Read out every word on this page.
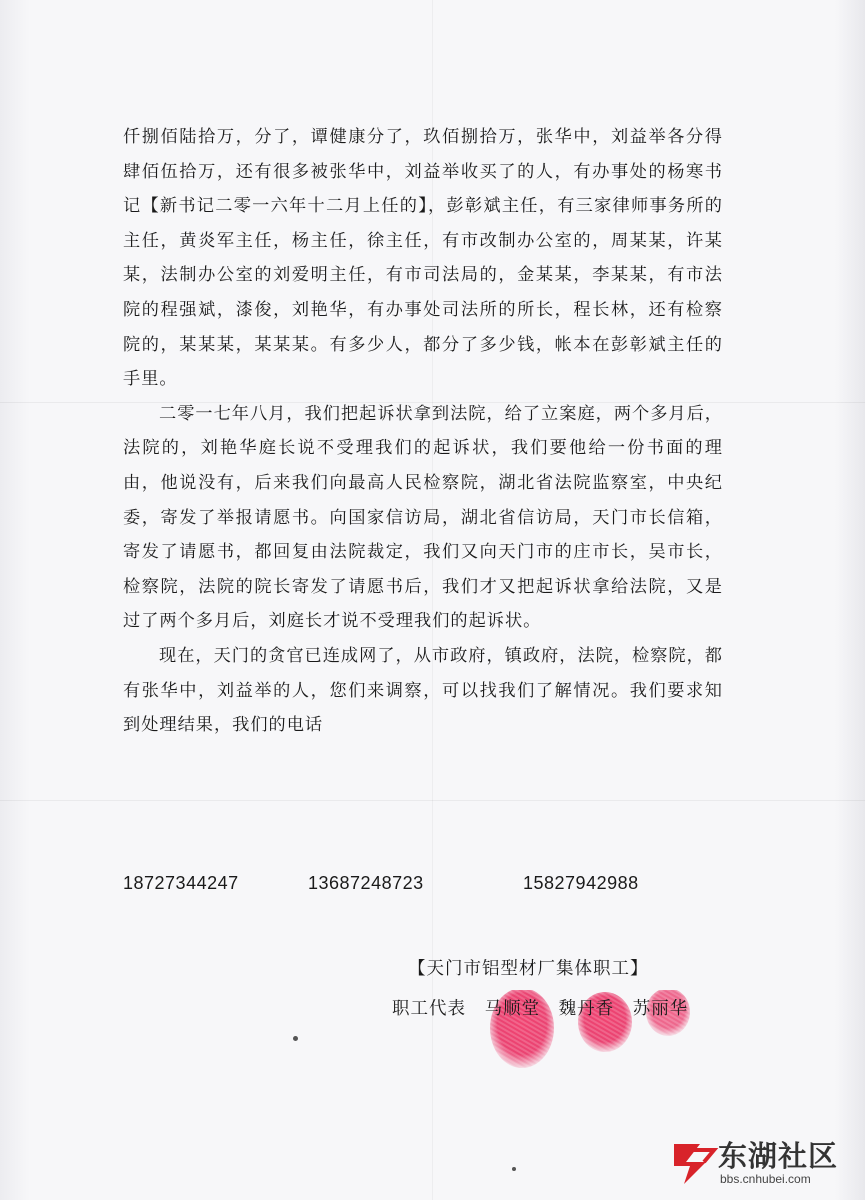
仟捌佰陆拾万，分了，谭健康分了，玖佰捌拾万，张华中，刘益举各分得肆佰伍拾万，还有很多被张华中，刘益举收买了的人，有办事处的杨寒书记【新书记二零一六年十二月上任的】，彭彰斌主任，有三家律师事务所的主任，黄炎军主任，杨主任，徐主任，有市改制办公室的，周某某，许某某，法制办公室的刘爱明主任，有市司法局的，金某某，李某某，有市法院的程强斌，漆俊，刘艳华，有办事处司法所的所长，程长林，还有检察院的，某某某，某某某。有多少人，都分了多少钱，帐本在彭彰斌主任的手里。

二零一七年八月，我们把起诉状拿到法院，给了立案庭，两个多月后，法院的，刘艳华庭长说不受理我们的起诉状，我们要他给一份书面的理由，他说没有，后来我们向最高人民检察院，湖北省法院监察室，中央纪委，寄发了举报请愿书。向国家信访局，湖北省信访局，天门市长信箱，寄发了请愿书，都回复由法院裁定，我们又向天门市的庄市长，吴市长，检察院，法院的院长寄发了请愿书后，我们才又把起诉状拿给法院，又是过了两个多月后，刘庭长才说不受理我们的起诉状。

现在，天门的贪官已连成网了，从市政府，镇政府，法院，检察院，都有张华中，刘益举的人，您们来调察，可以找我们了解情况。我们要求知到处理结果，我们的电话

18727344247	13687248723	15827942988
【天门市铝型材厂集体职工】
职工代表 马顺堂 魏丹香 苏丽华
东湖社区
bbs.cnhubei.com
